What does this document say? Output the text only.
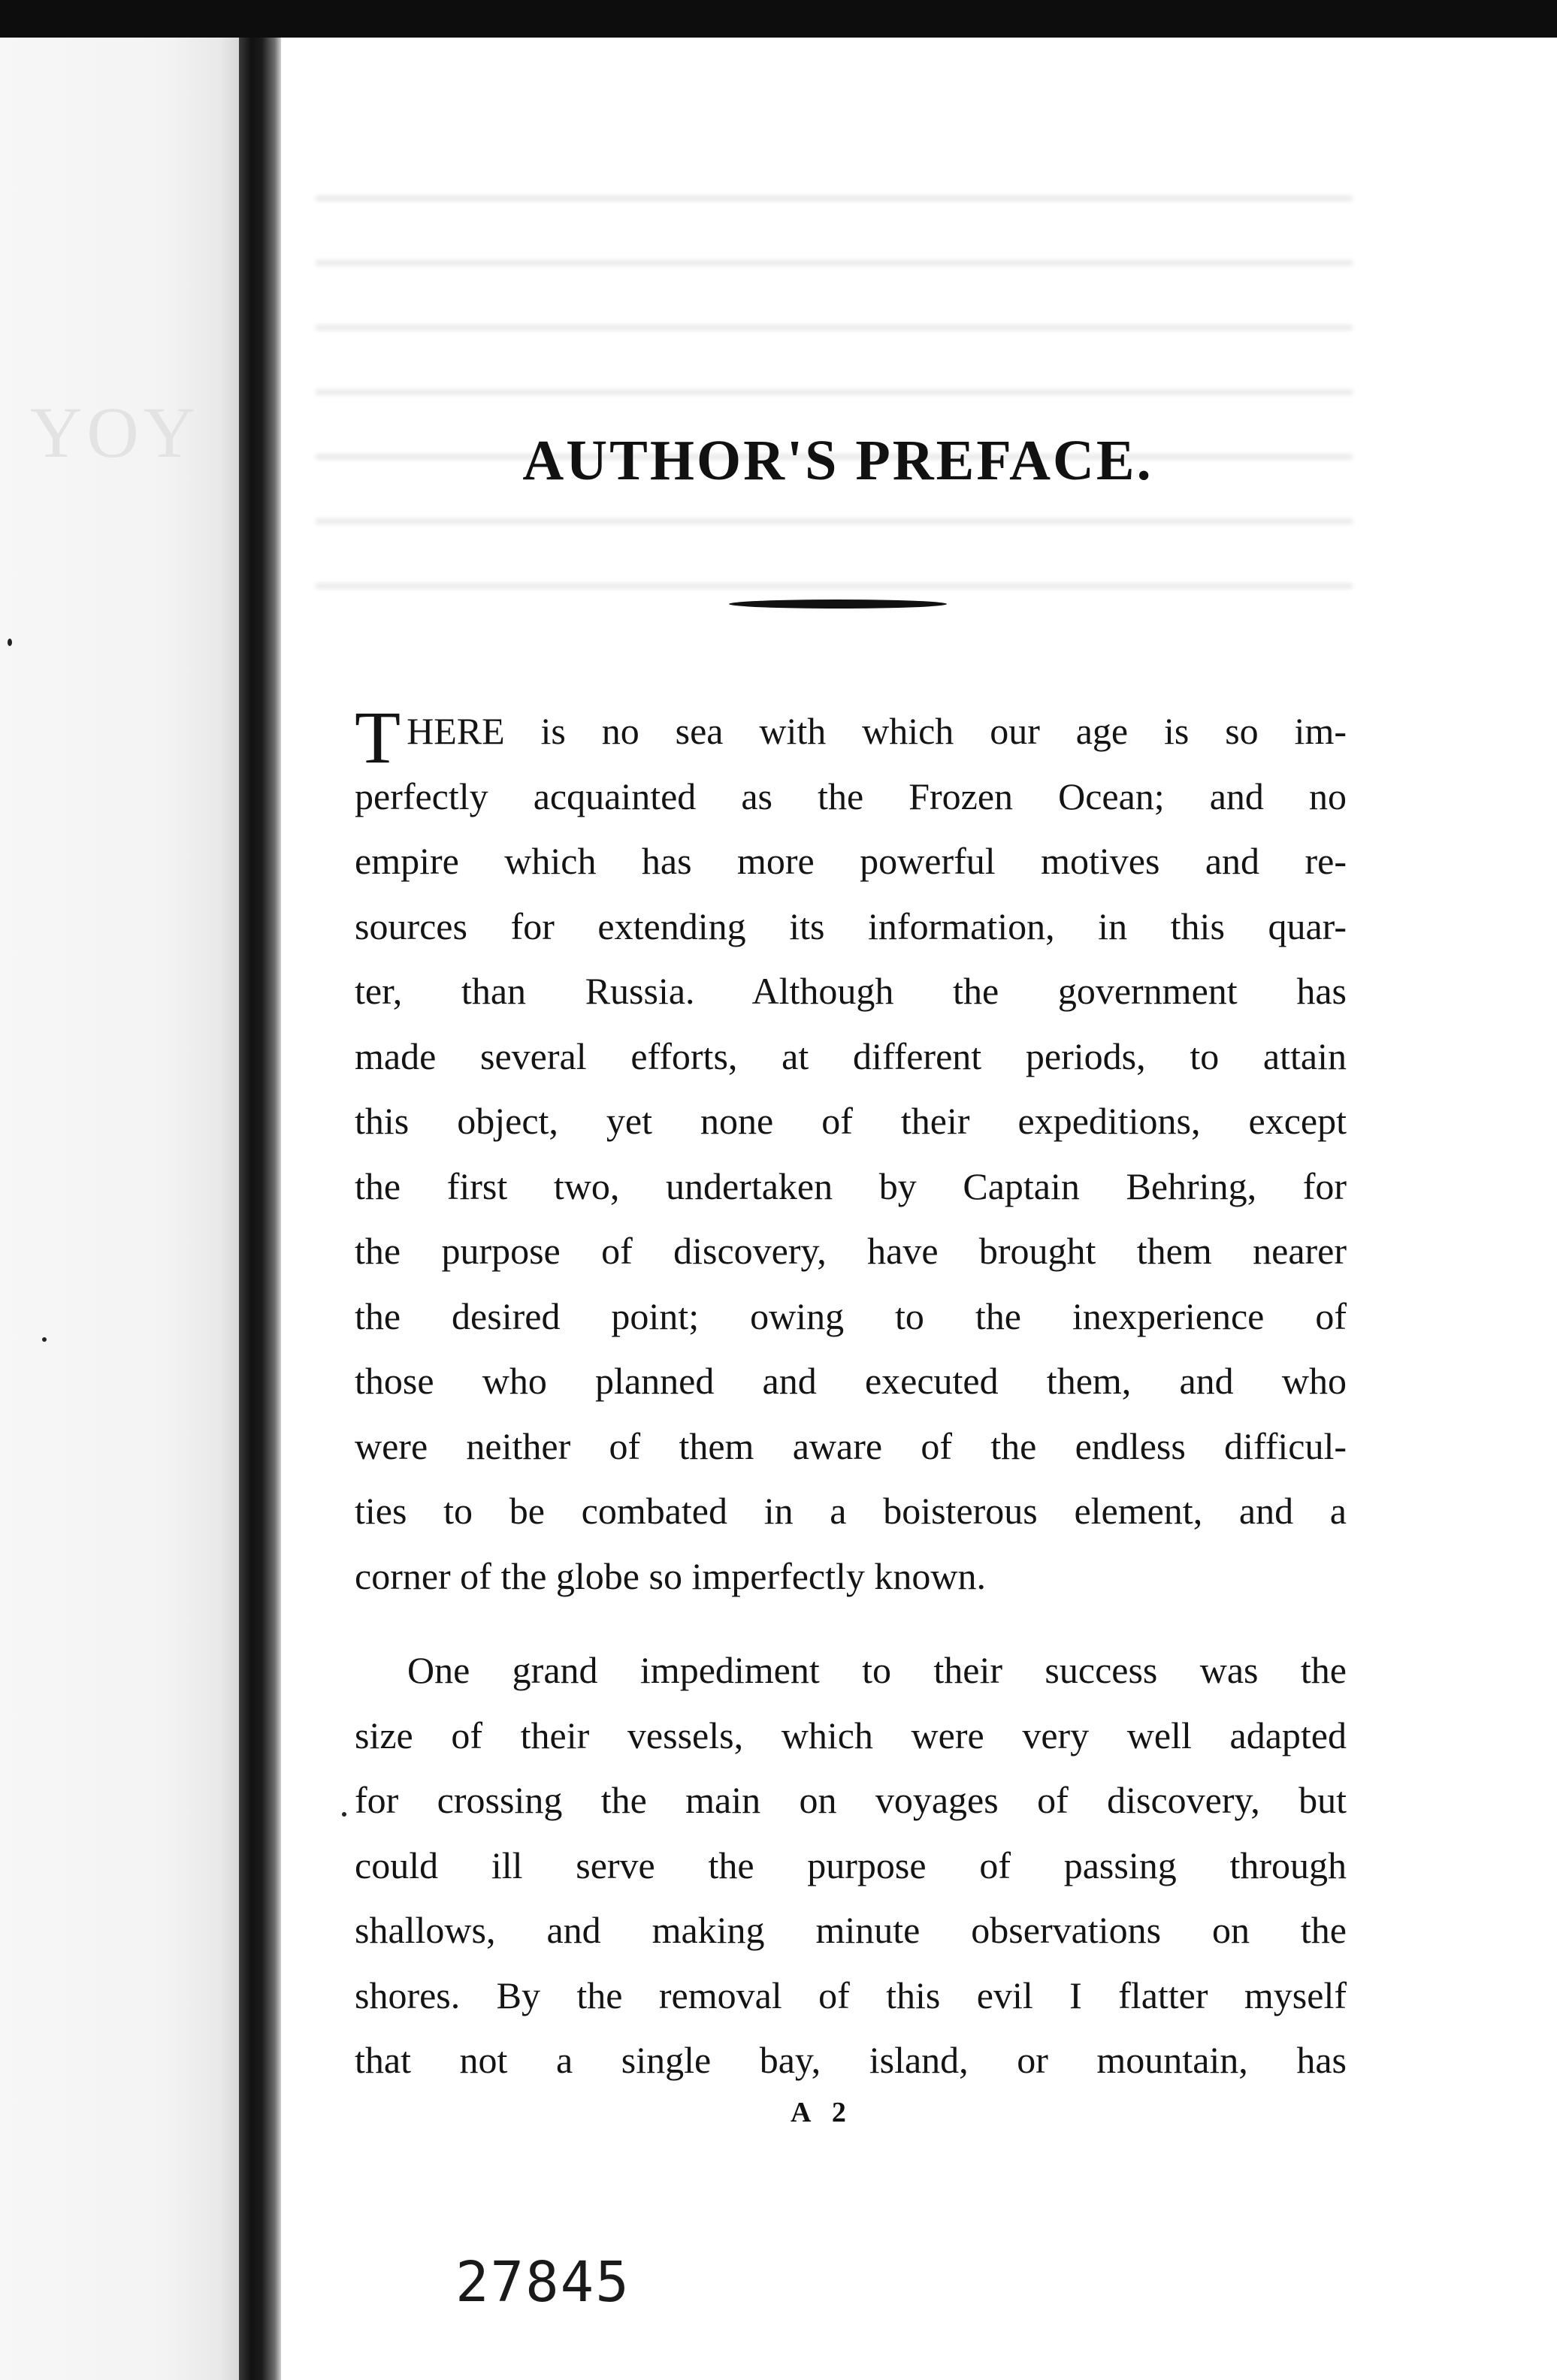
YOY	AUTHOR'S PREFACE.
THERE is no sea with which our age is so im-
perfectly acquainted as the Frozen Ocean; and no
empire which has more powerful motives and re-
sources for extending its information, in this quar-
ter, than Russia. Although the government has
made several efforts, at different periods, to attain
this object, yet none of their expeditions, except
the first two, undertaken by Captain Behring, for
the purpose of discovery, have brought them nearer
the desired point; owing to the inexperience of
those who planned and executed them, and who
were neither of them aware of the endless difficul-
ties to be combated in a boisterous element, and a
corner of the globe so imperfectly known.
One grand impediment to their success was the
size of their vessels, which were very well adapted
for crossing the main on voyages of discovery, but
could ill serve the purpose of passing through
shallows, and making minute observations on the
shores. By the removal of this evil I flatter myself
that not a single bay, island, or mountain, has
A 2
27845
